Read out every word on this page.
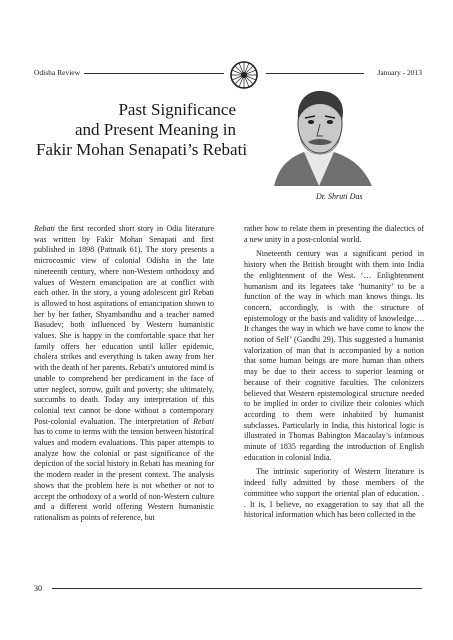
Odisha Review	January - 2013
Past Significance
and Present Meaning in
Fakir Mohan Senapati’s Rebati
Dr. Shruti Das

Rebati the first recorded short story in Odia literature was written by Fakir Mohan Senapati and first published in 1898 (Pattnaik 61). The story presents a microcosmic view of colonial Odisha in the late nineteenth century, where non-Western orthodoxy and values of Western emancipation are at conflict with each other. In the story, a young adolescent girl Rebati is allowed to host aspirations of emancipation shown to her by her father, Shyambandhu and a teacher named Basudev; both influenced by Western humanistic values. She is happy in the comfortable space that her family offers her education until killer epidemic, cholera strikes and everything is taken away from her with the death of her parents. Rebati’s untutored mind is unable to comprehend her predicament in the face of utter neglect, sorrow, guilt and poverty; she ultimately, succumbs to death. Today any interpretation of this colonial text cannot be done without a contemporary Post-colonial evaluation. The interpretation of Rebati has to come to terms with the tension between historical values and modern evaluations. This paper attempts to analyze how the colonial or past significance of the depiction of the social history in Rebati has meaning for the modern reader in the present context. The analysis shows that the problem here is not whether or not to accept the orthodoxy of a world of non-Western culture and a different world offering Western humanistic rationalism as points of reference, but

rather how to relate them in presenting the dialectics of a new unity in a post-colonial world.

Nineteenth century was a significant period in history when the British brought with them into India the enlightenment of the West. ‘… Enlightenment humanism and its legatees take ‘humanity’ to be a function of the way in which man knows things. Its concern, accordingly, is with the structure of epistemology or the basis and validity of knowledge…. It changes the way in which we have come to know the notion of Self’ (Gandhi 29). This suggested a humanist valorization of man that is accompanied by a notion that some human beings are more human than others may be due to their access to superior learning or because of their cognitive faculties. The colonizers believed that Western epistemological structure needed to be implied in order to civilize their colonies which according to them were inhabited by humanist subclasses. Particularly in India, this historical logic is illustrated in Thomas Babington Macaulay’s infamous minute of 1835 regarding the introduction of English education in colonial India.

The intrinsic superiority of Western literature is indeed fully admitted by those members of the committee who support the oriental plan of education. . . It is, I believe, no exaggeration to say that all the historical information which has been collected in the

30
